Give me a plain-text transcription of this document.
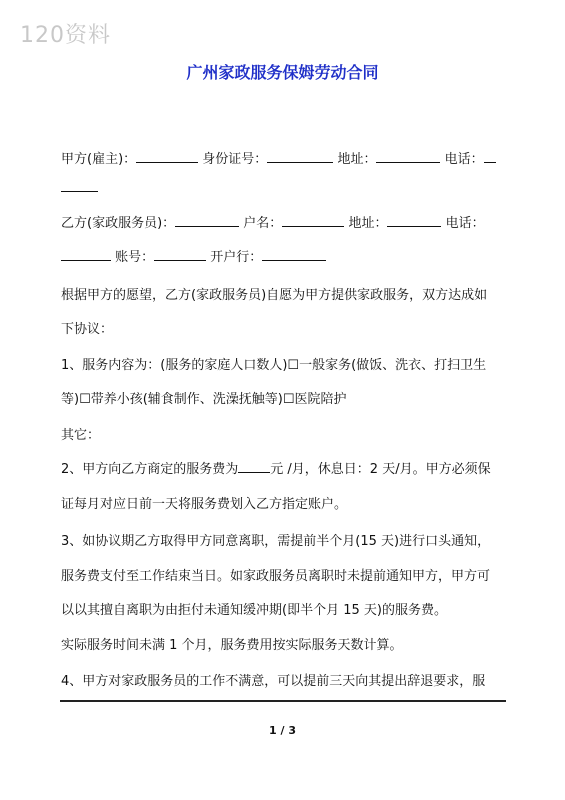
120资料
广州家政服务保姆劳动合同
甲方(雇主)：	身份证号：	地址：	电话：
乙方(家政服务员)：	户名：	地址：	电话：
账号：	开户行：
根据甲方的愿望，乙方(家政服务员)自愿为甲方提供家政服务，双方达成如
下协议：
1、服务内容为：(服务的家庭人口数人)☐一般家务(做饭、洗衣、打扫卫生
等)☐带养小孩(辅食制作、洗澡抚触等)☐医院陪护
其它：
2、甲方向乙方商定的服务费为 元 /月，休息日：2 天/月。甲方必须保
证每月对应日前一天将服务费划入乙方指定账户。
3、如协议期乙方取得甲方同意离职，需提前半个月(15 天)进行口头通知，
服务费支付至工作结束当日。如家政服务员离职时未提前通知甲方，甲方可
以以其擅自离职为由拒付未通知缓冲期(即半个月 15 天)的服务费。
实际服务时间未满 1 个月，服务费用按实际服务天数计算。
4、甲方对家政服务员的工作不满意，可以提前三天向其提出辞退要求，服
1 / 3
